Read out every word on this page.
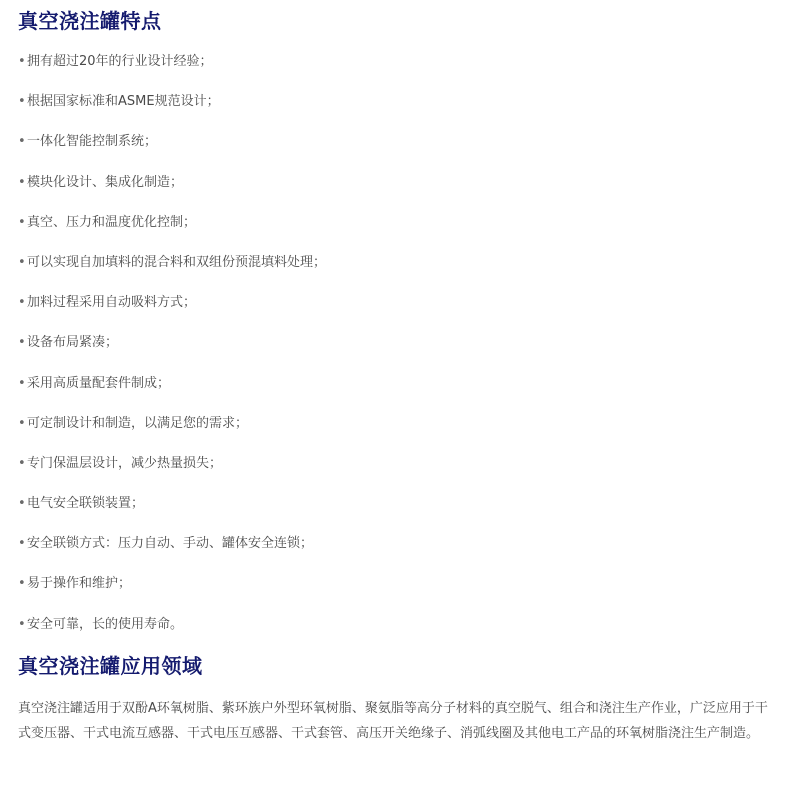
真空浇注罐特点
•拥有超过20年的行业设计经验；
•根据国家标准和ASME规范设计；
•一体化智能控制系统；
•模块化设计、集成化制造；
•真空、压力和温度优化控制；
•可以实现自加填料的混合料和双组份预混填料处理；
•加料过程采用自动吸料方式；
•设备布局紧凑；
•采用高质量配套件制成；
•可定制设计和制造，以满足您的需求；
•专门保温层设计，减少热量损失；
•电气安全联锁装置；
•安全联锁方式：压力自动、手动、罐体安全连锁；
•易于操作和维护；
•安全可靠，长的使用寿命。
真空浇注罐应用领域

真空浇注罐适用于双酚A环氧树脂、紫环族户外型环氧树脂、聚氨脂等高分子材料的真空脱气、组合和浇注生产作业，广泛应用于干式变压器、干式电流互感器、干式电压互感器、干式套管、高压开关绝缘子、消弧线圈及其他电工产品的环氧树脂浇注生产制造。
